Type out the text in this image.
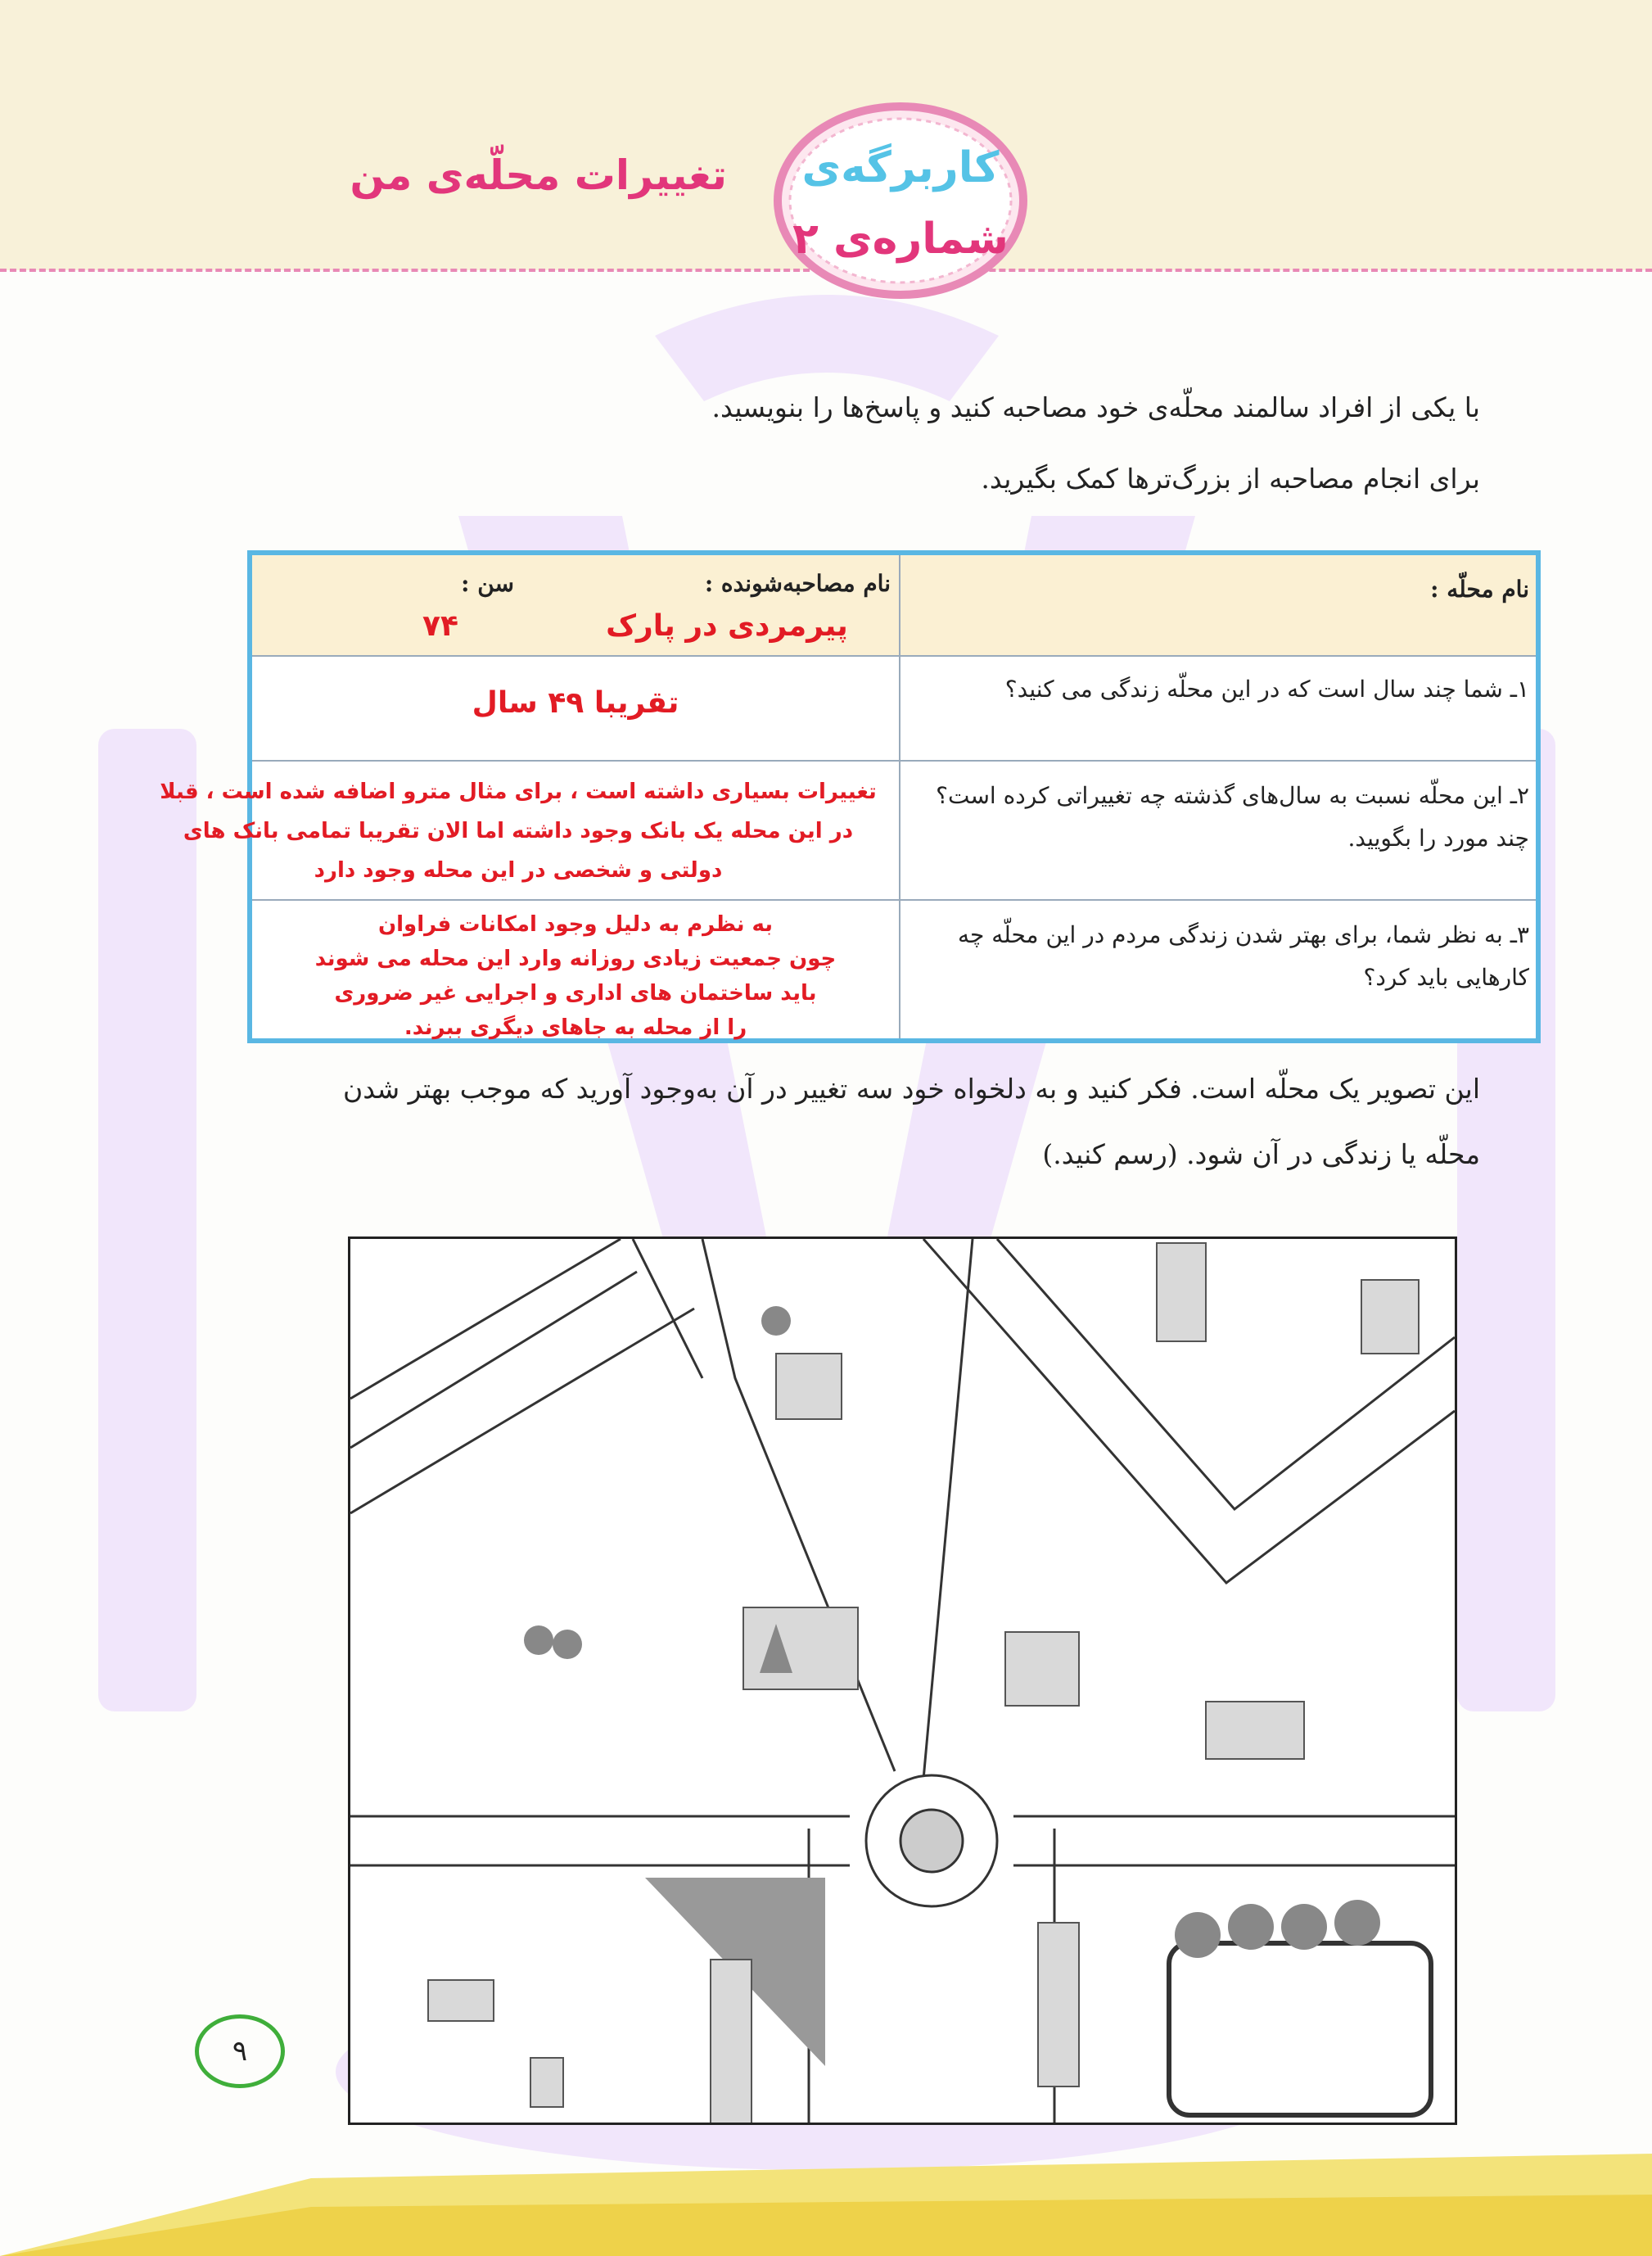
کاربرگه‌ی
شماره‌ی ۲
تغییرات محلّه‌ی من
با یکی از افراد سالمند محلّه‌ی خود مصاحبه کنید و پاسخ‌ها را بنویسید.
برای انجام مصاحبه از بزرگ‌ترها کمک بگیرید.
نام محلّه :
نام مصاحبه‌شونده :
سن :
پیرمردی در پارک
۷۴
۱ـ شما چند سال است که در این محلّه زندگی می کنید؟
تقریبا ۴۹ سال
۲ـ این محلّه نسبت به سال‌های گذشته چه تغییراتی کرده است؟
چند مورد را بگویید.
تغییرات بسیاری داشته است ، برای مثال مترو اضافه شده است ، قبلا
در این محله یک بانک وجود داشته اما الان تقریبا تمامی بانک های
دولتی و شخصی در این محله وجود دارد
۳ـ به نظر شما، برای بهتر شدن زندگی مردم در این محلّه چه
کارهایی باید کرد؟
به نظرم به دلیل وجود امکانات فراوان
چون جمعیت زیادی روزانه وارد این محله می شوند
باید ساختمان های اداری و اجرایی غیر ضروری
را از محله به جاهای دیگری ببرند.
این تصویر یک محلّه است. فکر کنید و به دلخواه خود سه تغییر در آن به‌وجود آورید که موجب بهتر شدن
محلّه یا زندگی در آن شود. (رسم کنید.)
۹
